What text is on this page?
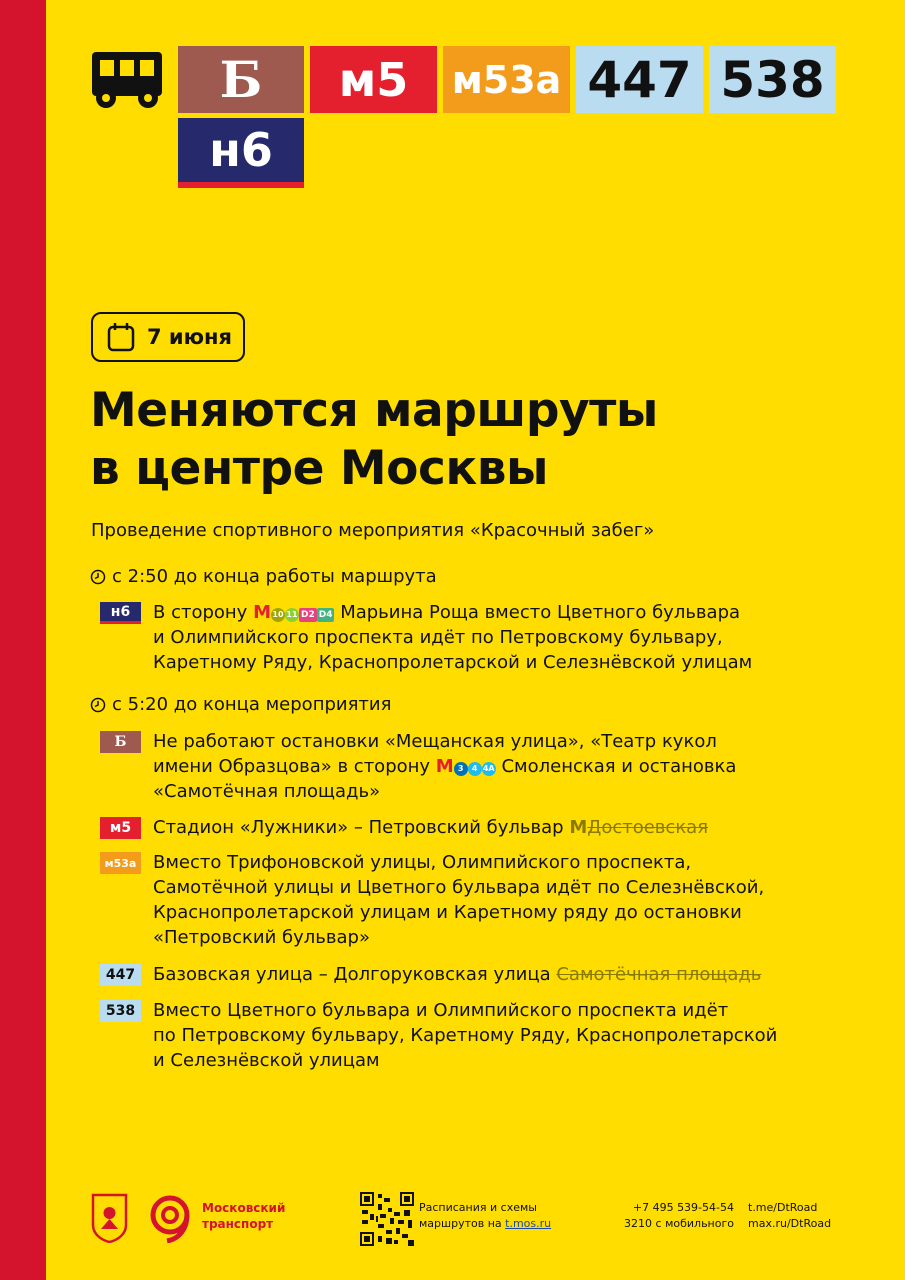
Б	м5	м53а 447 538
н6
7 июня
Меняются маршруты
в центре Москвы
Проведение спортивного мероприятия «Красочный забег»
с 2:50 до конца работы маршрута
н6	В сторону М10 11 D2 D4 Марьина Роща вместо Цветного бульвара
и Олимпийского проспекта идёт по Петровскому бульвару,
Каретному Ряду, Краснопролетарской и Селезнёвской улицам
с 5:20 до конца мероприятия
Б	Не работают остановки «Мещанская улица», «Театр кукол
имени Образцова» в сторону М 3 4 4А Смоленская и остановка
«Самотёчная площадь»
м5	Стадион «Лужники» – Петровский бульвар МДостоевская
м53а Вместо Трифоновской улицы, Олимпийского проспекта,
Самотёчной улицы и Цветного бульвара идёт по Селезнёвской,
Краснопролетарской улицам и Каретному ряду до остановки
«Петровский бульвар»
447 Базовская улица – Долгоруковская улица Самотёчная площадь
538 Вместо Цветного бульвара и Олимпийского проспекта идёт
по Петровскому бульвару, Каретному Ряду, Краснопролетарской
и Селезнёвской улицам
Московский
транспорт
Расписания и схемы
маршрутов на t.mos.ru
+7 495 539-54-54
3210 с мобильного
t.me/DtRoad
max.ru/DtRoad
